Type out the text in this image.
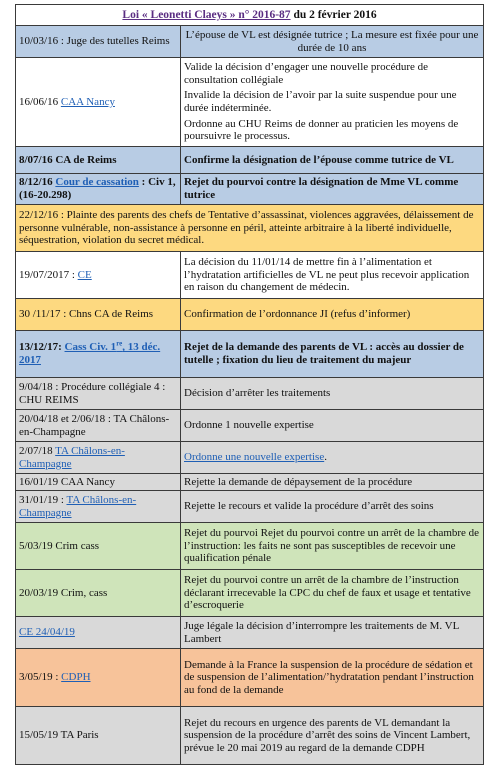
Loi « Leonetti Claeys » n° 2016-87 du 2 février 2016	
10/03/16 : Juge des tutelles Reims	L’épouse de VL est désignée tutrice ; La mesure est fixée pour une durée de 10 ans
16/06/16 CAA Nancy	Valide la décision d’engager une nouvelle procédure de consultation collégiale

Invalide la décision de l’avoir par la suite suspendue pour une durée indéterminée.

Ordonne au CHU Reims de donner au praticien les moyens de poursuivre le processus.

8/07/16 CA de Reims	Confirme la désignation de l’épouse comme tutrice de VL
8/12/16 Cour de cassation : Civ 1, (16-20.298)	Rejet du pourvoi contre la désignation de Mme VL comme tutrice
22/12/16 : Plainte des parents des chefs de Tentative d’assassinat, violences aggravées, délaissement de personne vulnérable, non-assistance à personne en péril, atteinte arbitraire à la liberté individuelle, séquestration, violation du secret médical.	
19/07/2017 : CE	La décision du 11/01/14 de mettre fin à l’alimentation et l’hydratation artificielles de VL ne peut plus recevoir application en raison du changement de médecin.
30 /11/17 : Chns CA de Reims	Confirmation de l’ordonnance JI (refus d’informer)
13/12/17: Cass Civ. 1re, 13 déc. 2017	Rejet de la demande des parents de VL : accès au dossier de tutelle ; fixation du lieu de traitement du majeur
9/04/18 : Procédure collégiale 4 : CHU REIMS	Décision d’arrêter les traitements
20/04/18 et 2/06/18 : TA Châlons-en-Champagne	Ordonne 1 nouvelle expertise
2/07/18 TA Châlons-en-Champagne	Ordonne une nouvelle expertise.
16/01/19 CAA Nancy	Rejette la demande de dépaysement de la procédure
31/01/19 : TA Châlons-en-Champagne	Rejette le recours et valide la procédure d’arrêt des soins
5/03/19 Crim cass	Rejet du pourvoi Rejet du pourvoi contre un arrêt de la chambre de l’instruction: les faits ne sont pas susceptibles de recevoir une qualification pénale
20/03/19 Crim, cass	Rejet du pourvoi contre un arrêt de la chambre de l’instruction déclarant irrecevable la CPC du chef de faux et usage et tentative d’escroquerie
CE 24/04/19	Juge légale la décision d’interrompre les traitements de M. VL Lambert
3/05/19 : CDPH	Demande à la France la suspension de la procédure de sédation et de suspension de l’alimentation/’hydratation pendant l’instruction au fond de la demande
15/05/19 TA Paris	Rejet du recours en urgence des parents de VL demandant la suspension de la procédure d’arrêt des soins de Vincent Lambert, prévue le 20 mai 2019 au regard de la demande CDPH
